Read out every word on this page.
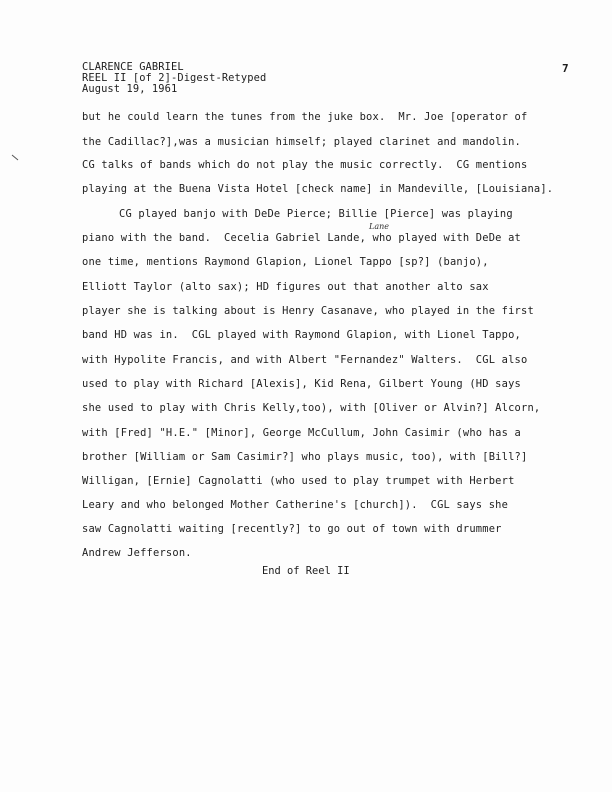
CLARENCE GABRIEL
REEL II [of 2]-Digest-Retyped
August 19, 1961
7
but he could learn the tunes from the juke box.  Mr. Joe [operator of
the Cadillac?],was a musician himself; played clarinet and mandolin.
CG talks of bands which do not play the music correctly.  CG mentions
playing at the Buena Vista Hotel [check name] in Mandeville, [Louisiana].
CG played banjo with DeDe Pierce; Billie [Pierce] was playing
Lane
piano with the band.  Cecelia Gabriel Lande, who played with DeDe at
one time, mentions Raymond Glapion, Lionel Tappo [sp?] (banjo),
Elliott Taylor (alto sax); HD figures out that another alto sax
player she is talking about is Henry Casanave, who played in the first
band HD was in.  CGL played with Raymond Glapion, with Lionel Tappo,
with Hypolite Francis, and with Albert "Fernandez" Walters.  CGL also
used to play with Richard [Alexis], Kid Rena, Gilbert Young (HD says
she used to play with Chris Kelly,too), with [Oliver or Alvin?] Alcorn,
with [Fred] "H.E." [Minor], George McCullum, John Casimir (who has a
brother [William or Sam Casimir?] who plays music, too), with [Bill?]
Willigan, [Ernie] Cagnolatti (who used to play trumpet with Herbert
Leary and who belonged Mother Catherine's [church]).  CGL says she
saw Cagnolatti waiting [recently?] to go out of town with drummer
Andrew Jefferson.
End of Reel II
